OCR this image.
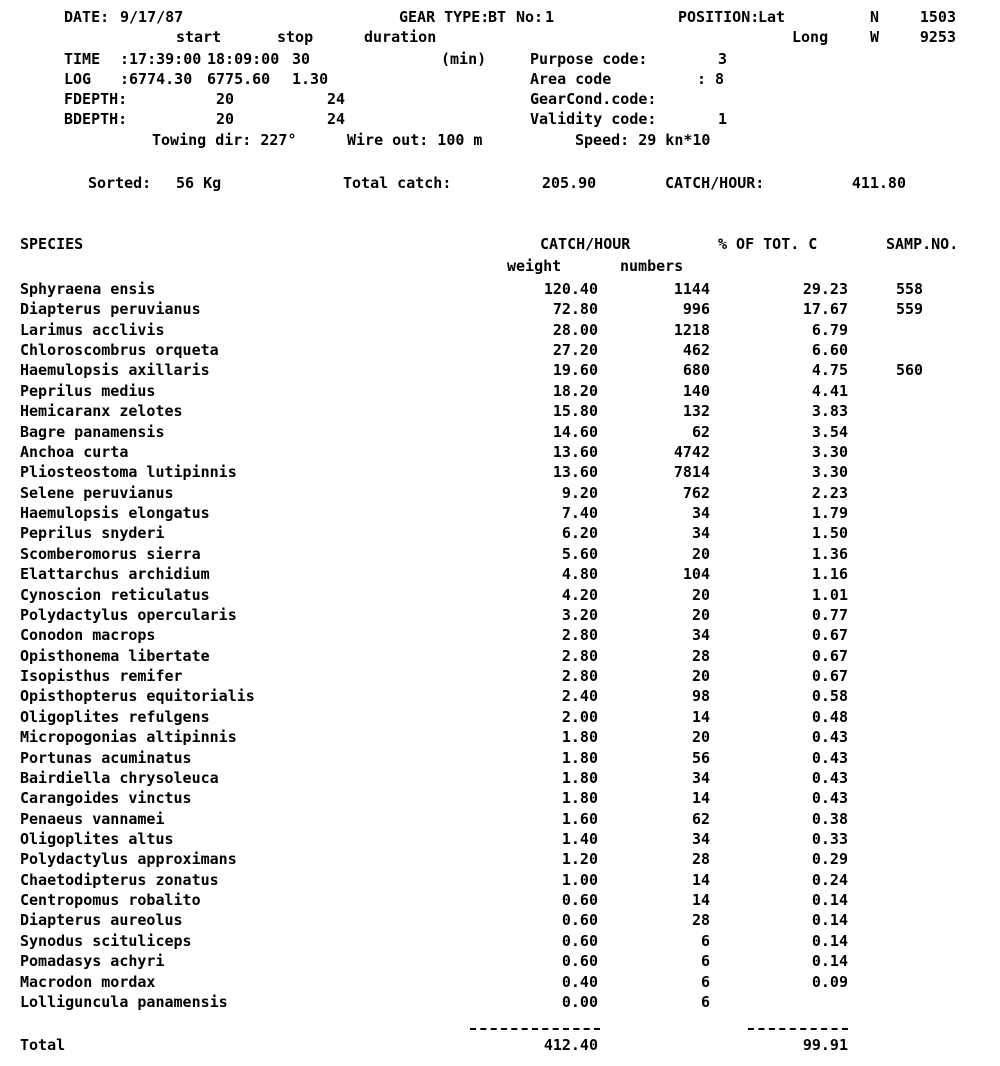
DATE: 9/17/87	GEAR TYPE:
BT No: 1	POSITION:
Lat	N	1503
start	stop	duration	Long	W	9253
TIME :17:39:00 18:09:00 30	(min)	Purpose code:	3
LOG :6774.30 6775.60 1.30	Area code	: 8
FDEPTH:	20	24	GearCond.code:
BDEPTH:	20	24	Validity code:	1
Towing dir: 227°	Wire out: 100 m	Speed: 29 kn*10
Sorted: 56 Kg	Total catch:	205.90	CATCH/HOUR:	411.80
SPECIES	CATCH/HOUR	% OF TOT. C	SAMP.NO.
weight	numbers
Sphyraena ensis	120.40	1144	29.23	558
Diapterus peruvianus	72.80	996	17.67	559
Larimus acclivis	28.00	1218	6.79
Chloroscombrus orqueta	27.20	462	6.60
Haemulopsis axillaris	19.60	680	4.75	560
Peprilus medius	18.20	140	4.41
Hemicaranx zelotes	15.80	132	3.83
Bagre panamensis	14.60	62	3.54
Anchoa curta	13.60	4742	3.30
Pliosteostoma lutipinnis	13.60	7814	3.30
Selene peruvianus	9.20	762	2.23
Haemulopsis elongatus	7.40	34	1.79
Peprilus snyderi	6.20	34	1.50
Scomberomorus sierra	5.60	20	1.36
Elattarchus archidium	4.80	104	1.16
Cynoscion reticulatus	4.20	20	1.01
Polydactylus opercularis	3.20	20	0.77
Conodon macrops	2.80	34	0.67
Opisthonema libertate	2.80	28	0.67
Isopisthus remifer	2.80	20	0.67
Opisthopterus equitorialis	2.40	98	0.58
Oligoplites refulgens	2.00	14	0.48
Micropogonias altipinnis	1.80	20	0.43
Portunas acuminatus	1.80	56	0.43
Bairdiella chrysoleuca	1.80	34	0.43
Carangoides vinctus	1.80	14	0.43
Penaeus vannamei	1.60	62	0.38
Oligoplites altus	1.40	34	0.33
Polydactylus approximans	1.20	28	0.29
Chaetodipterus zonatus	1.00	14	0.24
Centropomus robalito	0.60	14	0.14
Diapterus aureolus	0.60	28	0.14
Synodus scituliceps	0.60	6	0.14
Pomadasys achyri	0.60	6	0.14
Macrodon mordax	0.40	6	0.09
Lolliguncula panamensis	0.00	6
Total	412.40	99.91
